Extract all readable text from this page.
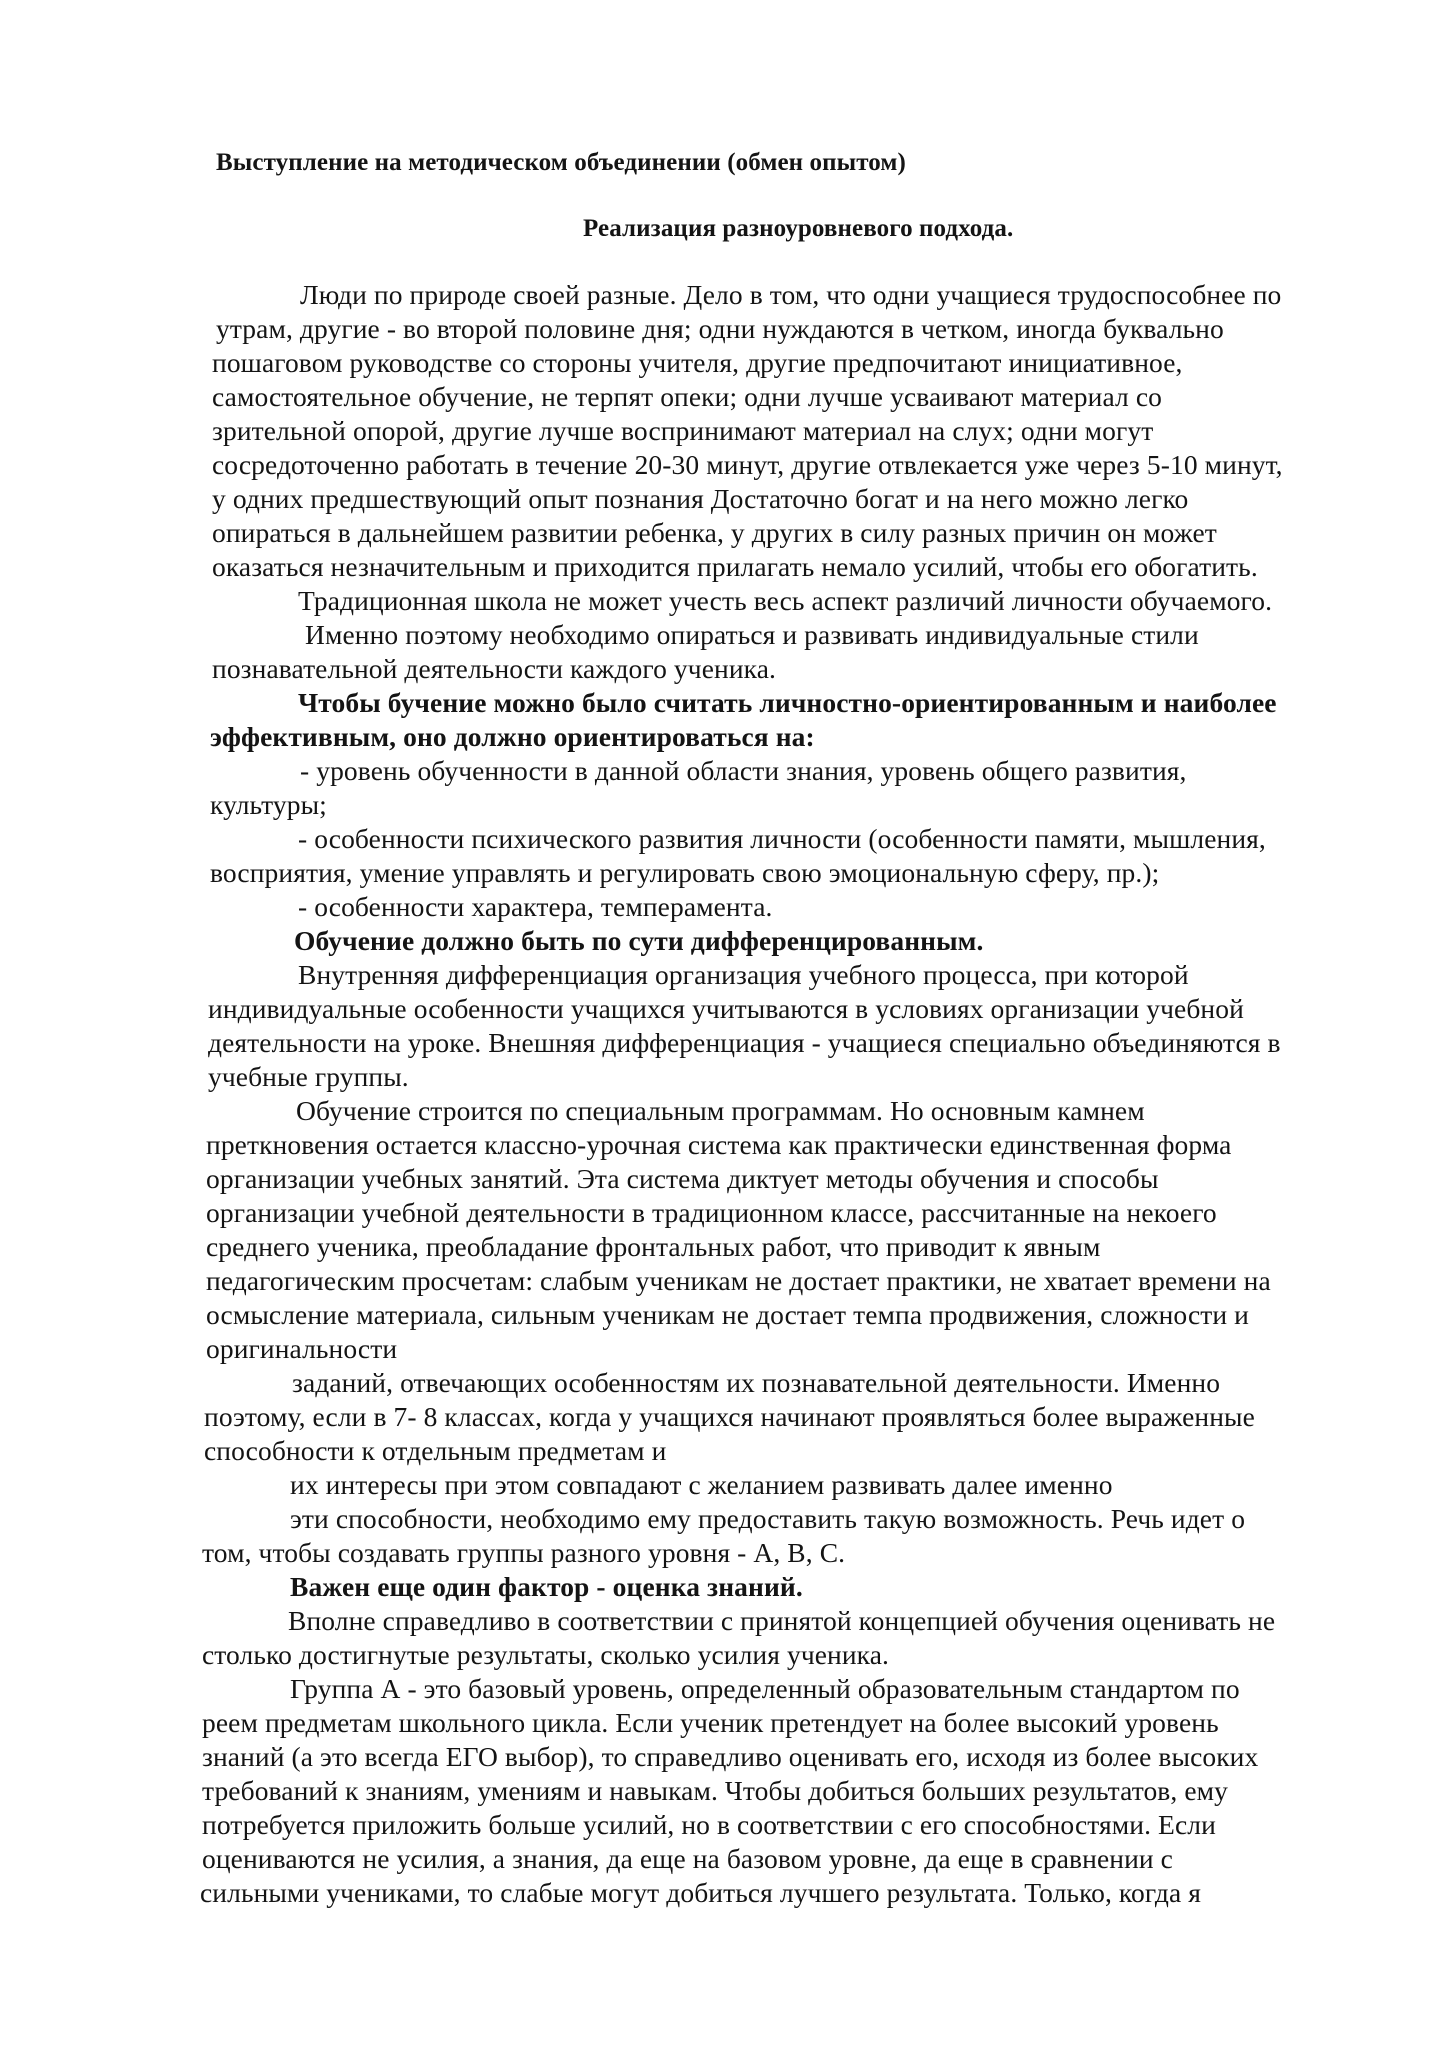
Выступление на методическом объединении (обмен опытом)
Реализация разноуровневого подхода.
Люди по природе своей разные. Дело в том, что одни учащиеся трудоспособнее по
утрам, другие - во второй половине дня; одни нуждаются в четком, иногда буквально
пошаговом руководстве со стороны учителя, другие предпочитают инициативное,
самостоятельное обучение, не терпят опеки; одни лучше усваивают материал со
зрительной опорой, другие лучше воспринимают материал на слух; одни могут
сосредоточенно работать в течение 20-30 минут, другие отвлекается уже через 5-10 минут,
у одних предшествующий опыт познания Достаточно богат и на него можно легко
опираться в дальнейшем развитии ребенка, у других в силу разных причин он может
оказаться незначительным и приходится прилагать немало усилий, чтобы его обогатить.
Традиционная школа не может учесть весь аспект различий личности обучаемого.
Именно поэтому необходимо опираться и развивать индивидуальные стили
познавательной деятельности каждого ученика.
Чтобы бучение можно было считать личностно-ориентированным и наиболее
эффективным, оно должно ориентироваться на:
- уровень обученности в данной области знания, уровень общего развития,
культуры;
- особенности психического развития личности (особенности памяти, мышления,
восприятия, умение управлять и регулировать свою эмоциональную сферу, пр.);
- особенности характера, темперамента.
Обучение должно быть по сути дифференцированным.
Внутренняя дифференциация организация учебного процесса, при которой
индивидуальные особенности учащихся учитываются в условиях организации учебной
деятельности на уроке. Внешняя дифференциация - учащиеся специально объединяются в
учебные группы.
Обучение строится по специальным программам. Но основным камнем
преткновения остается классно-урочная система как практически единственная форма
организации учебных занятий. Эта система диктует методы обучения и способы
организации учебной деятельности в традиционном классе, рассчитанные на некоего
среднего ученика, преобладание фронтальных работ, что приводит к явным
педагогическим просчетам: слабым ученикам не достает практики, не хватает времени на
осмысление материала, сильным ученикам не достает темпа продвижения, сложности и
оригинальности
заданий, отвечающих особенностям их познавательной деятельности. Именно
поэтому, если в 7- 8 классах, когда у учащихся начинают проявляться более выраженные
способности к отдельным предметам и
их интересы при этом совпадают с желанием развивать далее именно
эти способности, необходимо ему предоставить такую возможность. Речь идет о
том, чтобы создавать группы разного уровня - А, В, С.
Важен еще один фактор - оценка знаний.
Вполне справедливо в соответствии с принятой концепцией обучения оценивать не
столько достигнутые результаты, сколько усилия ученика.
Группа А - это базовый уровень, определенный образовательным стандартом по
реем предметам школьного цикла. Если ученик претендует на более высокий уровень
знаний (а это всегда ЕГО выбор), то справедливо оценивать его, исходя из более высоких
требований к знаниям, умениям и навыкам. Чтобы добиться больших результатов, ему
потребуется приложить больше усилий, но в соответствии с его способностями. Если
оцениваются не усилия, а знания, да еще на базовом уровне, да еще в сравнении с
сильными учениками, то слабые могут добиться лучшего результата. Только, когда я
